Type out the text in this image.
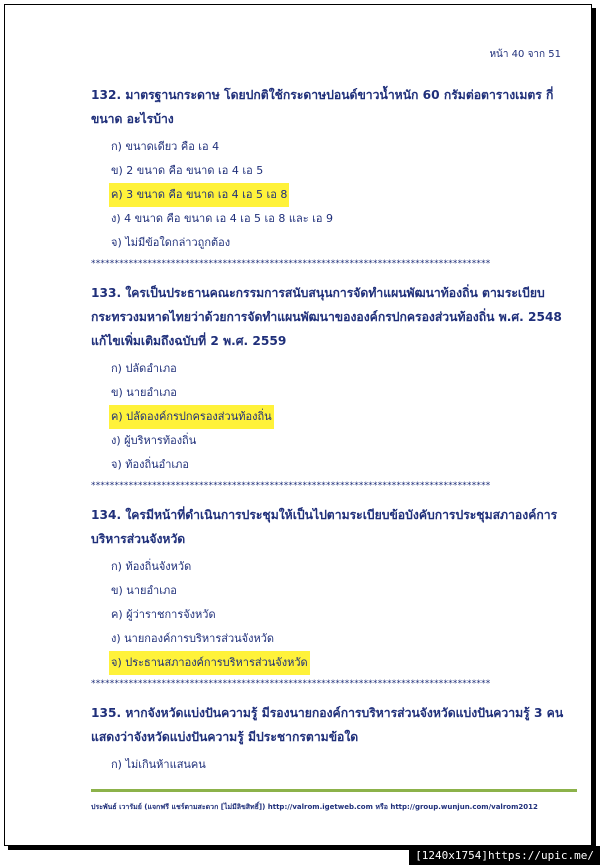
หน้า 40 จาก 51

132. มาตรฐานกระดาษ โดยปกติใช้กระดาษปอนด์ขาวน้ำหนัก 60 กรัมต่อตารางเมตร กี่ขนาด อะไรบ้าง

ก) ขนาดเดียว คือ เอ 4
ข) 2 ขนาด คือ ขนาด เอ 4 เอ 5
ค) 3 ขนาด คือ ขนาด เอ 4 เอ 5 เอ 8
ง) 4 ขนาด คือ ขนาด เอ 4 เอ 5 เอ 8 และ เอ 9
จ) ไม่มีข้อใดกล่าวถูกต้อง
*************************************************************************************

133. ใครเป็นประธานคณะกรรมการสนับสนุนการจัดทำแผนพัฒนาท้องถิ่น ตามระเบียบกระทรวงมหาดไทยว่าด้วยการจัดทำแผนพัฒนาขององค์กรปกครองส่วนท้องถิ่น พ.ศ. 2548 แก้ไขเพิ่มเติมถึงฉบับที่ 2 พ.ศ. 2559

ก) ปลัดอำเภอ
ข) นายอำเภอ
ค) ปลัดองค์กรปกครองส่วนท้องถิ่น
ง) ผู้บริหารท้องถิ่น
จ) ท้องถิ่นอำเภอ
*************************************************************************************

134. ใครมีหน้าที่ดำเนินการประชุมให้เป็นไปตามระเบียบข้อบังคับการประชุมสภาองค์การบริหารส่วนจังหวัด

ก) ท้องถิ่นจังหวัด
ข) นายอำเภอ
ค) ผู้ว่าราชการจังหวัด
ง) นายกองค์การบริหารส่วนจังหวัด
จ) ประธานสภาองค์การบริหารส่วนจังหวัด
*************************************************************************************

135. หากจังหวัดแบ่งปันความรู้ มีรองนายกองค์การบริหารส่วนจังหวัดแบ่งปันความรู้ 3 คน แสดงว่าจังหวัดแบ่งปันความรู้ มีประชากรตามข้อใด

ก) ไม่เกินห้าแสนคน
ประพันธ์ เวารัมย์ (แจกฟรี แชร์ตามสะดวก [ไม่มีลิขสิทธิ์]) http://valrom.igetweb.com หรือ http://group.wunjun.com/valrom2012
[1240x1754]https://upic.me/
